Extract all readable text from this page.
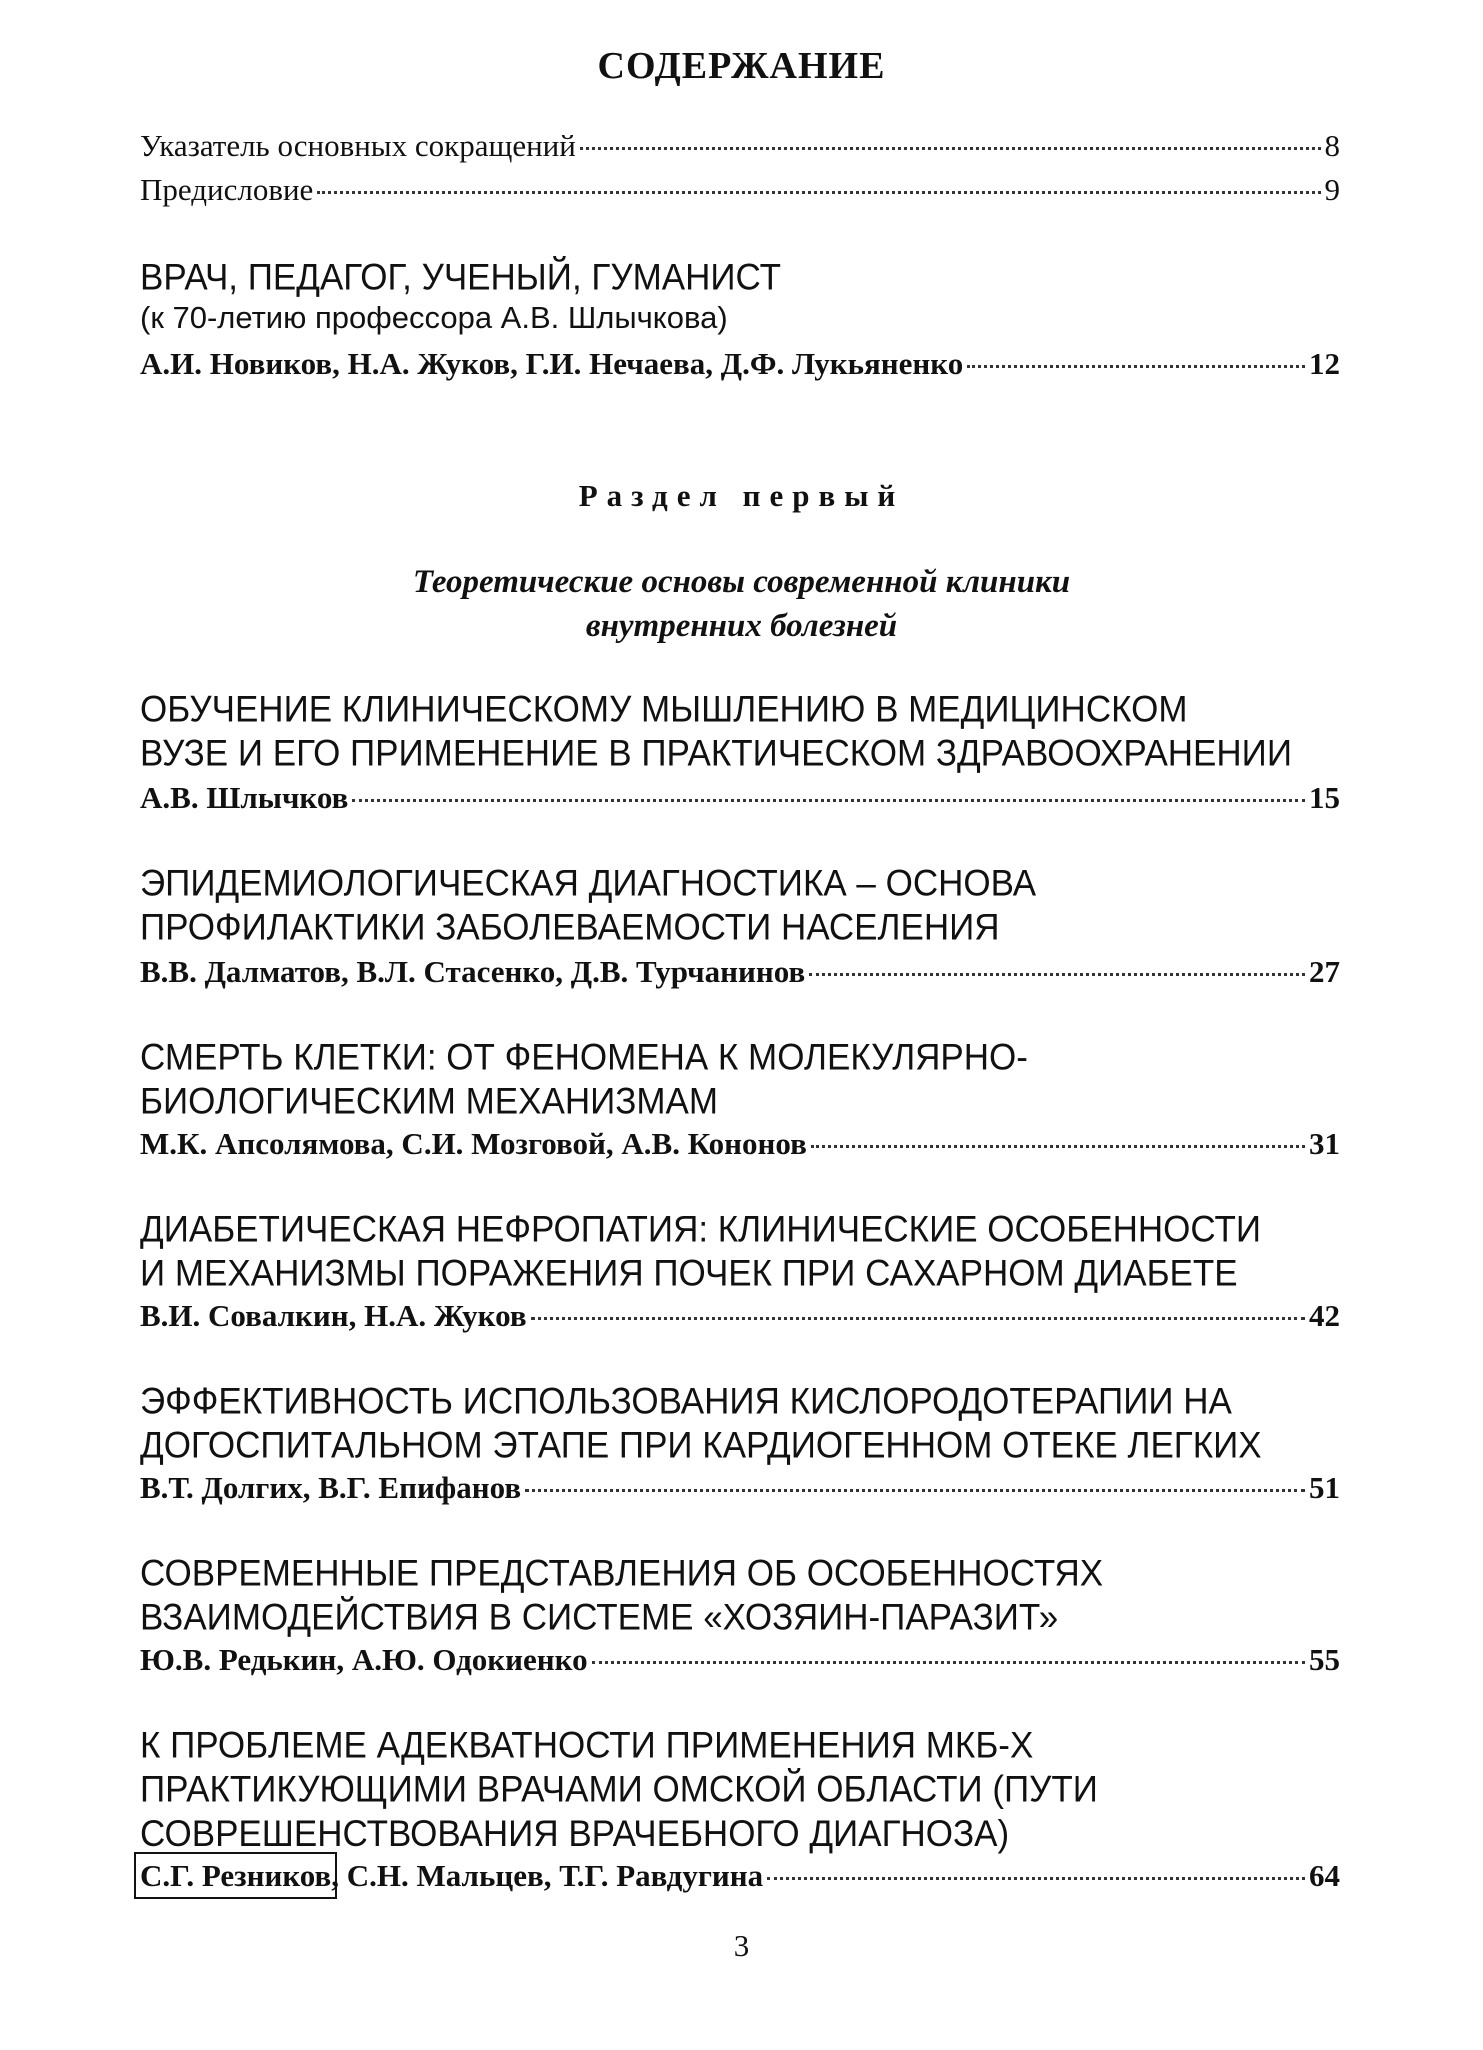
СОДЕРЖАНИЕ
Указатель основных сокращений	8
Предисловие	9
ВРАЧ, ПЕДАГОГ, УЧЕНЫЙ, ГУМАНИСТ
(к 70-летию профессора А.В. Шлычкова)
А.И. Новиков, Н.А. Жуков, Г.И. Нечаева, Д.Ф. Лукьяненко	12
Раздел первый
Теоретические основы современной клиники
внутренних болезней
ОБУЧЕНИЕ КЛИНИЧЕСКОМУ МЫШЛЕНИЮ В МЕДИЦИНСКОМ
ВУЗЕ И ЕГО ПРИМЕНЕНИЕ В ПРАКТИЧЕСКОМ ЗДРАВООХРАНЕНИИ
А.В. Шлычков	15
ЭПИДЕМИОЛОГИЧЕСКАЯ ДИАГНОСТИКА – ОСНОВА
ПРОФИЛАКТИКИ ЗАБОЛЕВАЕМОСТИ НАСЕЛЕНИЯ
В.В. Далматов, В.Л. Стасенко, Д.В. Турчанинов	27
СМЕРТЬ КЛЕТКИ: ОТ ФЕНОМЕНА К МОЛЕКУЛЯРНО-
БИОЛОГИЧЕСКИМ МЕХАНИЗМАМ
М.К. Апсолямова, С.И. Мозговой, А.В. Кононов	31
ДИАБЕТИЧЕСКАЯ НЕФРОПАТИЯ: КЛИНИЧЕСКИЕ ОСОБЕННОСТИ
И МЕХАНИЗМЫ ПОРАЖЕНИЯ ПОЧЕК ПРИ САХАРНОМ ДИАБЕТЕ
В.И. Совалкин, Н.А. Жуков	42
ЭФФЕКТИВНОСТЬ ИСПОЛЬЗОВАНИЯ КИСЛОРОДОТЕРАПИИ НА
ДОГОСПИТАЛЬНОМ ЭТАПЕ ПРИ КАРДИОГЕННОМ ОТЕКЕ ЛЕГКИХ
В.Т. Долгих, В.Г. Епифанов	51
СОВРЕМЕННЫЕ ПРЕДСТАВЛЕНИЯ ОБ ОСОБЕННОСТЯХ
ВЗАИМОДЕЙСТВИЯ В СИСТЕМЕ «ХОЗЯИН-ПАРАЗИТ»
Ю.В. Редькин, А.Ю. Одокиенко	55
К ПРОБЛЕМЕ АДЕКВАТНОСТИ ПРИМЕНЕНИЯ МКБ-Х
ПРАКТИКУЮЩИМИ ВРАЧАМИ ОМСКОЙ ОБЛАСТИ (ПУТИ
СОВРЕШЕНСТВОВАНИЯ ВРАЧЕБНОГО ДИАГНОЗА)
С.Г. Резников, С.Н. Мальцев, Т.Г. Равдугина	64
3
